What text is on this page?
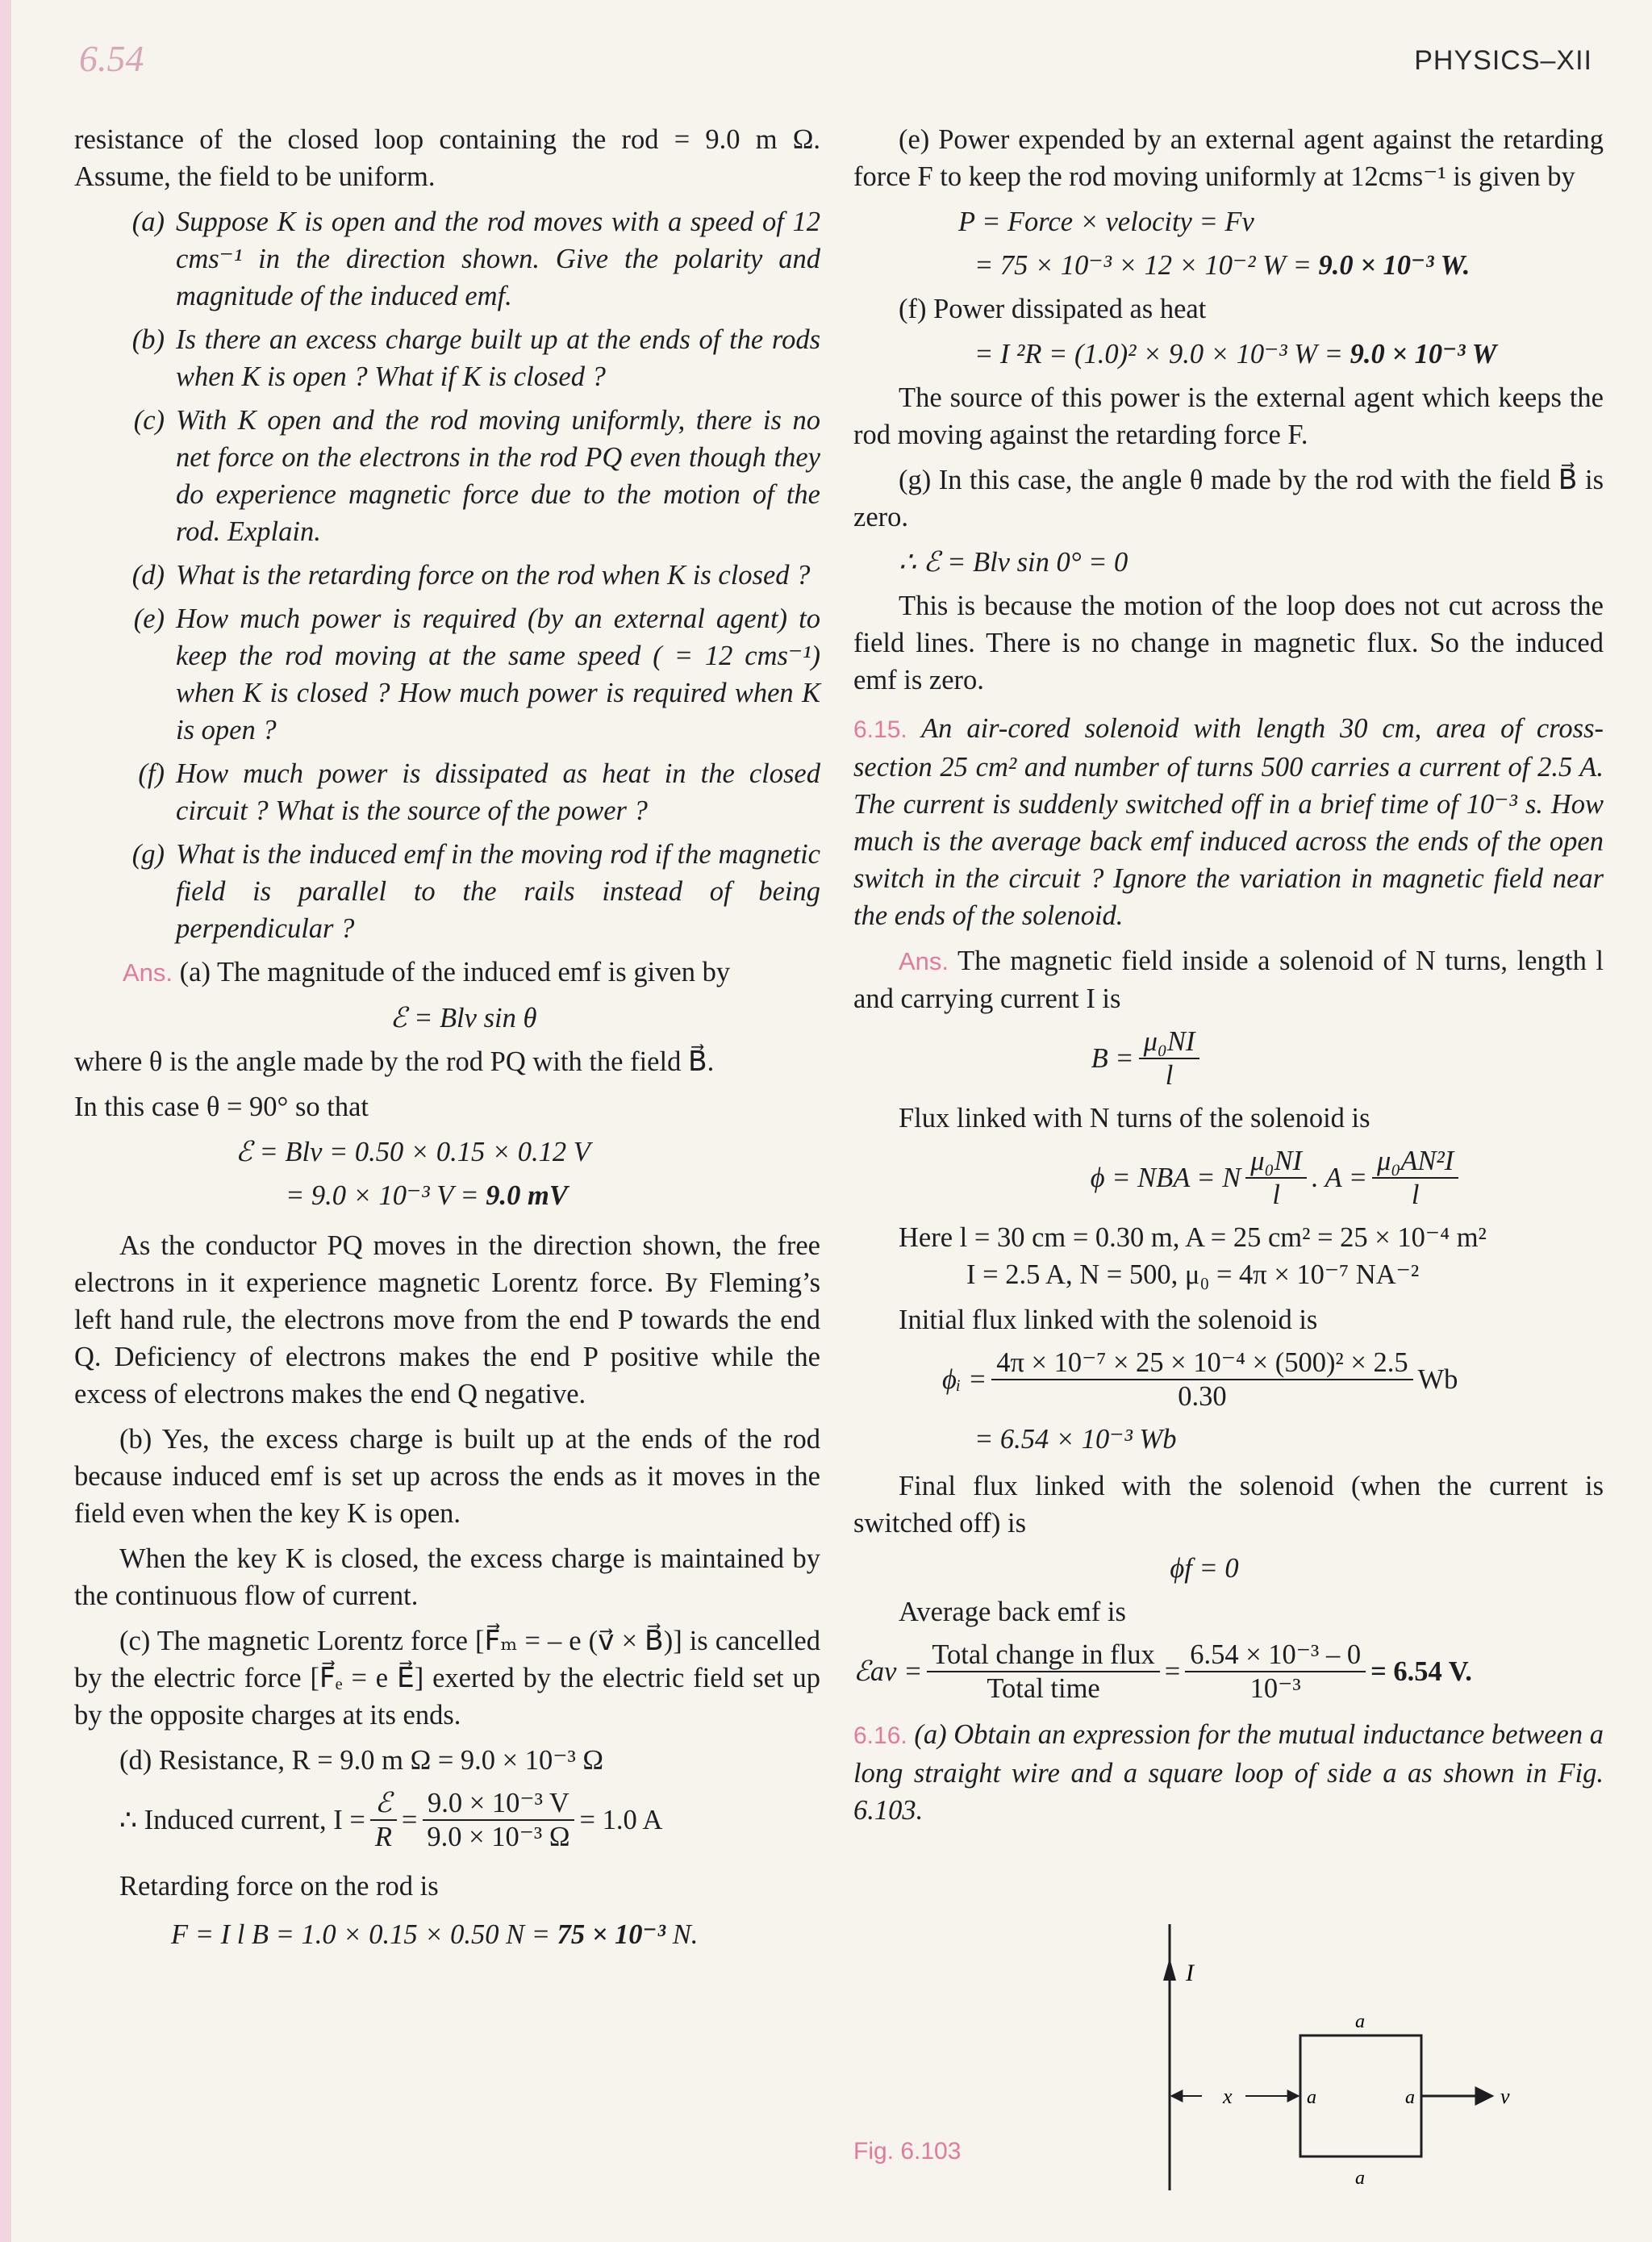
6.54	PHYSICS–XII

resistance of the closed loop containing the rod = 9.0 m Ω. Assume, the field to be uniform.

(a) Suppose K is open and the rod moves with a speed of 12 cms⁻¹ in the direction shown. Give the polarity and magnitude of the induced emf.
(b) Is there an excess charge built up at the ends of the rods when K is open ? What if K is closed ?
(c) With K open and the rod moving uniformly, there is no net force on the electrons in the rod PQ even though they do experience magnetic force due to the motion of the rod. Explain.
(d) What is the retarding force on the rod when K is closed ?
(e) How much power is required (by an external agent) to keep the rod moving at the same speed ( = 12 cms⁻¹) when K is closed ? How much power is required when K is open ?
(f) How much power is dissipated as heat in the closed circuit ? What is the source of the power ?
(g) What is the induced emf in the moving rod if the magnetic field is parallel to the rails instead of being perpendicular ?

Ans. (a) The magnitude of the induced emf is given by

ℰ = Blv sin θ

where θ is the angle made by the rod PQ with the field B⃗.

In this case θ = 90° so that

ℰ = Blv = 0.50 × 0.15 × 0.12 V
= 9.0 × 10⁻³ V = 9.0 mV

As the conductor PQ moves in the direction shown, the free electrons in it experience magnetic Lorentz force. By Fleming’s left hand rule, the electrons move from the end P towards the end Q. Deficiency of electrons makes the end P positive while the excess of electrons makes the end Q negative.

(b) Yes, the excess charge is built up at the ends of the rod because induced emf is set up across the ends as it moves in the field even when the key K is open.

When the key K is closed, the excess charge is maintained by the continuous flow of current.

(c) The magnetic Lorentz force [F⃗ₘ = – e (v⃗ × B⃗)] is cancelled by the electric force [F⃗ₑ = e E⃗] exerted by the electric field set up by the opposite charges at its ends.

(d) Resistance, R = 9.0 m Ω = 9.0 × 10⁻³ Ω

∴ Induced current, $I = \frac{\text{ℰ}}{R} = \frac{\text{9.0 × 10⁻³ V}}{\text{9.0 × 10⁻³ Ω}} = 1.0$ A

Retarding force on the rod is

F = I l B = 1.0 × 0.15 × 0.50 N = 75 × 10⁻³ N.

(e) Power expended by an external agent against the retarding force F to keep the rod moving uniformly at 12cms⁻¹ is given by

P = Force × velocity = Fv
= 75 × 10⁻³ × 12 × 10⁻² W = 9.0 × 10⁻³ W.

(f) Power dissipated as heat

= I ²R = (1.0)² × 9.0 × 10⁻³ W = 9.0 × 10⁻³ W

The source of this power is the external agent which keeps the rod moving against the retarding force F.

(g) In this case, the angle θ made by the rod with the field B⃗ is zero.

∴ ℰ = Blv sin 0° = 0

This is because the motion of the loop does not cut across the field lines. There is no change in magnetic flux. So the induced emf is zero.

6.15. An air-cored solenoid with length 30 cm, area of cross-section 25 cm² and number of turns 500 carries a current of 2.5 A. The current is suddenly switched off in a brief time of 10⁻³ s. How much is the average back emf induced across the ends of the open switch in the circuit ? Ignore the variation in magnetic field near the ends of the solenoid.

Ans. The magnetic field inside a solenoid of N turns, length l and carrying current I is

$B = \frac{\text{μ₀NI}}{l}$

Flux linked with N turns of the solenoid is

ϕ = NBA = N $\frac{\text{μ₀NI}}{l}$ . $A = \frac{\text{μ₀AN²I}}{l}$

Here l = 30 cm = 0.30 m, A = 25 cm² = 25 × 10⁻⁴ m²

I = 2.5 A, N = 500, μ₀ = 4π × 10⁻⁷ NA⁻²

Initial flux linked with the solenoid is

ϕᵢ = $\frac{\text{4π × 10⁻⁷ × 25 × 10⁻⁴ × (500)² × 2.5}}{0.30}$ Wb
= 6.54 × 10⁻³ Wb

Final flux linked with the solenoid (when the current is switched off) is

ϕf = 0

Average back emf is

ℰav = $\frac{\text{Total change in flux}}{\text{Total time}} = \frac{\text{6.54 × 10⁻³ – 0}}{\text{10⁻³}} = 6.54$ V.

6.16. (a) Obtain an expression for the mutual inductance between a long straight wire and a square loop of side a as shown in Fig. 6.103.

I
x
a
a	a
a
v
Fig. 6.103
